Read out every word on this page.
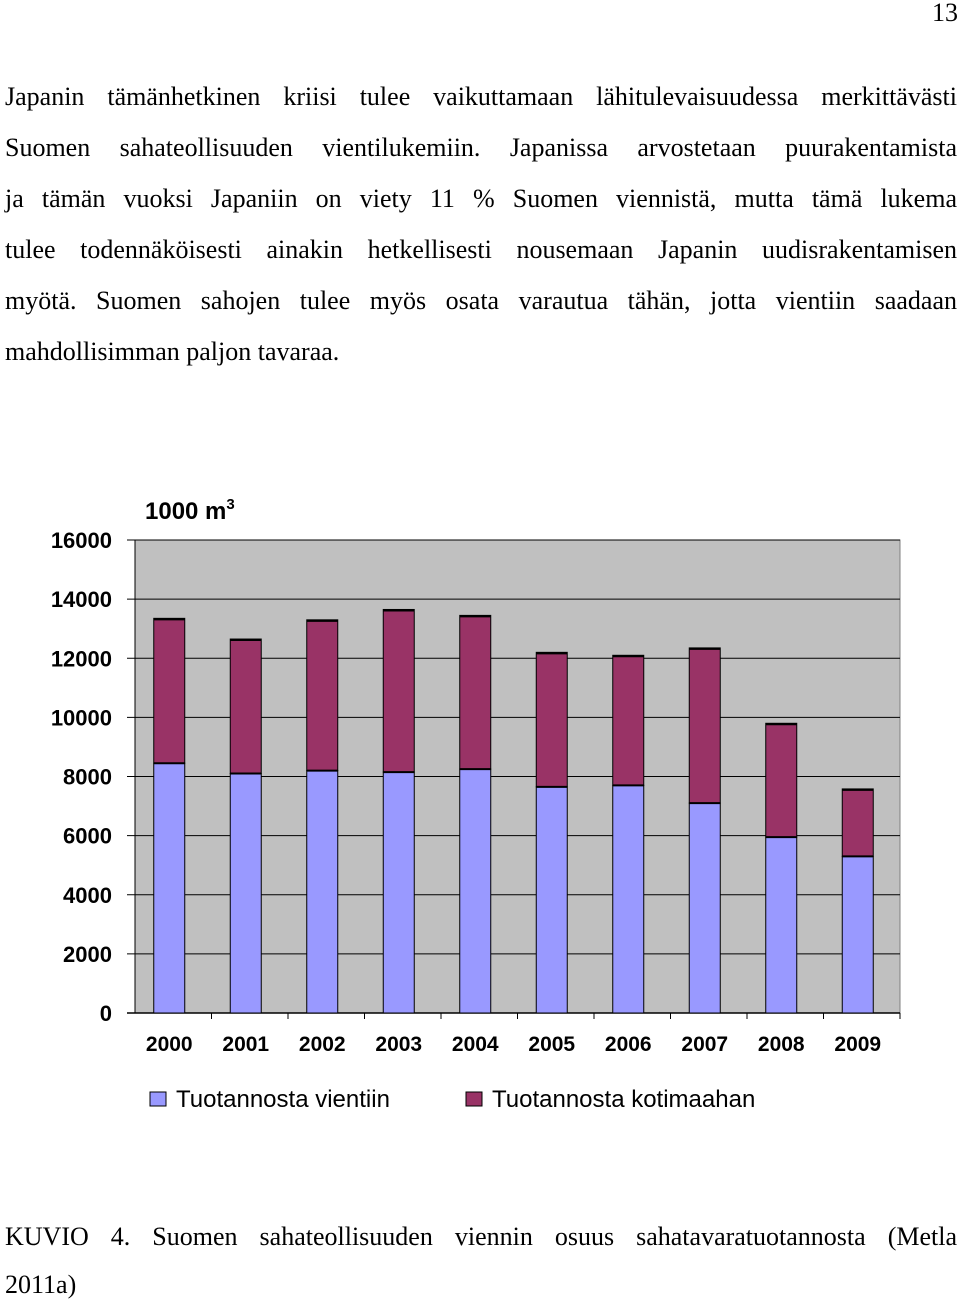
13
Japanin tämänhetkinen kriisi tulee vaikuttamaan lähitulevaisuudessa merkittävästi
Suomen sahateollisuuden vientilukemiin. Japanissa arvostetaan puurakentamista
ja tämän vuoksi Japaniin on viety 11 % Suomen viennistä, mutta tämä lukema
tulee todennäköisesti ainakin hetkellisesti nousemaan Japanin uudisrakentamisen
myötä. Suomen sahojen tulee myös osata varautua tähän, jotta vientiin saadaan
mahdollisimman paljon tavaraa.
0
2000
4000
6000
8000
10000
12000
14000
16000
1000 $m^3$
2000 2001 2002 2003 2004 2005 2006 2007 2008 2009
Tuotannosta vientiin	Tuotannosta kotimaahan
KUVIO 4. Suomen sahateollisuuden viennin osuus sahatavaratuotannosta (Metla
2011a)
